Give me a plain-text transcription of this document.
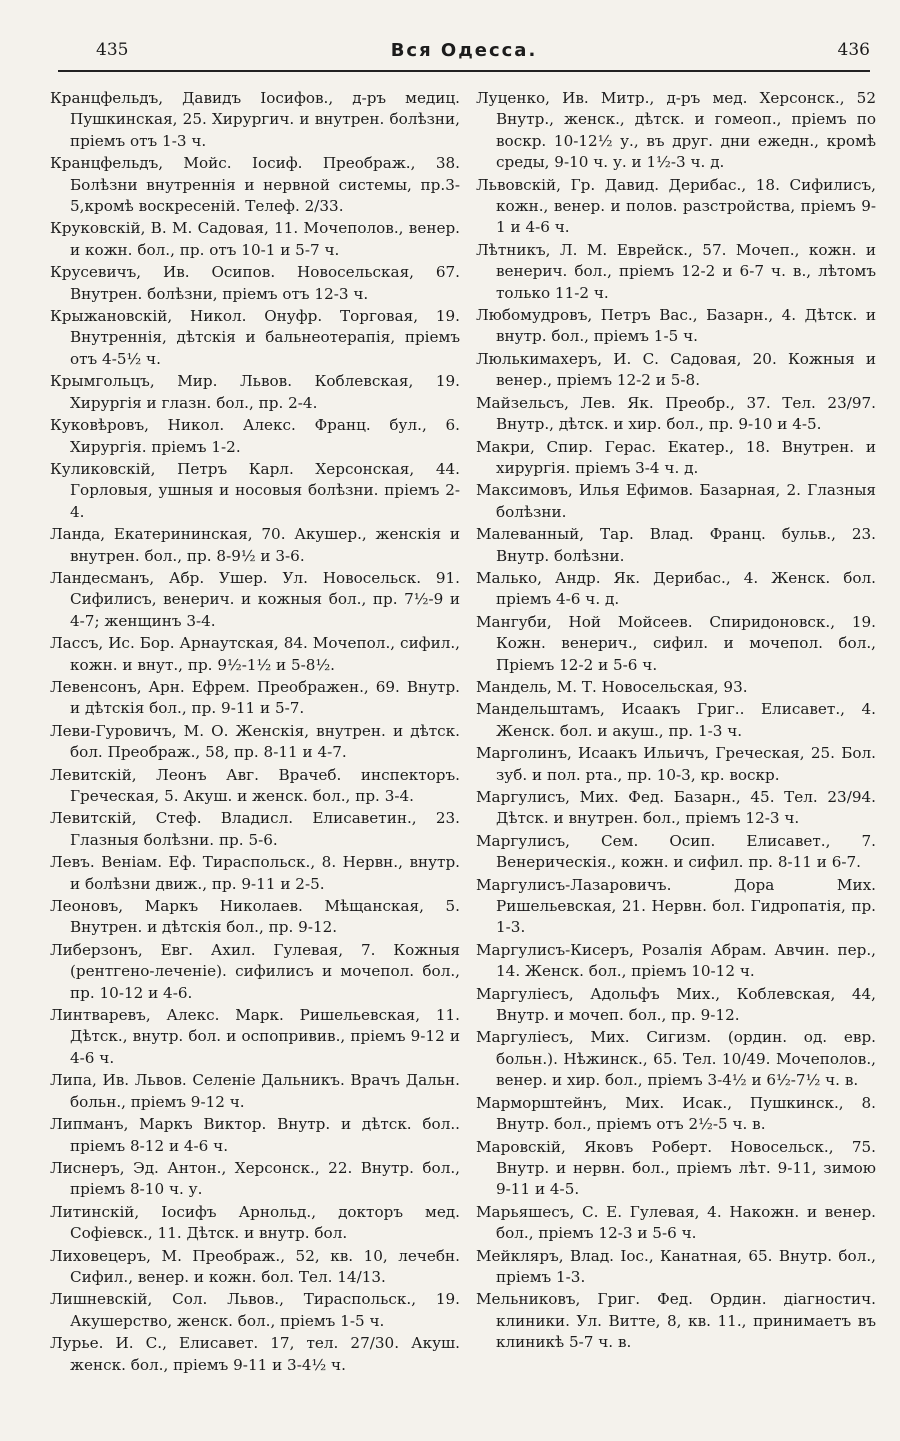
435	Вся Одесса.	436
Кранцфельдъ, Давидъ Іосифов., д-ръ медиц. Пушкинская, 25. Хирургич. и внутрен. болѣзни, пріемъ отъ 1-3 ч.
Кранцфельдъ, Мойс. Іосиф. Преображ., 38. Болѣзни внутреннія и нервной системы, пр.3-5,кромѣ воскресеній. Телеф. 2/33.
Круковскій, В. М. Садовая, 11. Мочеполов., венер. и кожн. бол., пр. отъ 10-1 и 5-7 ч.
Крусевичъ, Ив. Осипов. Новосельская, 67. Внутрен. болѣзни, пріемъ отъ 12-3 ч.
Крыжановскій, Никол. Онуфр. Торговая, 19. Внутреннія, дѣтскія и бальнеотерапія, пріемъ отъ 4-5½ ч.
Крымгольцъ, Мир. Львов. Коблевская, 19. Хирургія и глазн. бол., пр. 2-4.
Куковѣровъ, Никол. Алекс. Франц. бул., 6. Хирургія. пріемъ 1-2.
Куликовскій, Петръ Карл. Херсонская, 44. Горловыя, ушныя и носовыя болѣзни. пріемъ 2-4.
Ланда, Екатерининская, 70. Акушер., женскія и внутрен. бол., пр. 8-9½ и 3-6.
Ландесманъ, Абр. Ушер. Ул. Новосельск. 91. Сифилисъ, венерич. и кожныя бол., пр. 7½-9 и 4-7; женщинъ 3-4.
Лассъ, Ис. Бор. Арнаутская, 84. Мочепол., сифил., кожн. и внут., пр. 9½-1½ и 5-8½.
Левенсонъ, Арн. Ефрем. Преображен., 69. Внутр. и дѣтскія бол., пр. 9-11 и 5-7.
Леви-Гуровичъ, М. О. Женскія, внутрен. и дѣтск. бол. Преображ., 58, пр. 8-11 и 4-7.
Левитскій, Леонъ Авг. Врачеб. инспекторъ. Греческая, 5. Акуш. и женск. бол., пр. 3-4.
Левитскій, Стеф. Владисл. Елисаветин., 23. Глазныя болѣзни. пр. 5-6.
Левъ. Веніам. Еф. Тираспольск., 8. Нервн., внутр. и болѣзни движ., пр. 9-11 и 2-5.
Леоновъ, Маркъ Николаев. Мѣщанская, 5. Внутрен. и дѣтскія бол., пр. 9-12.
Либерзонъ, Евг. Ахил. Гулевая, 7. Кожныя (рентгено-леченіе). сифилисъ и мочепол. бол., пр. 10-12 и 4-6.
Линтваревъ, Алекс. Марк. Ришельевская, 11. Дѣтск., внутр. бол. и оспопривив., пріемъ 9-12 и 4-6 ч.
Липа, Ив. Львов. Селеніе Дальникъ. Врачъ Дальн. больн., пріемъ 9-12 ч.
Липманъ, Маркъ Виктор. Внутр. и дѣтск. бол.. пріемъ 8-12 и 4-6 ч.
Лиснеръ, Эд. Антон., Херсонск., 22. Внутр. бол., пріемъ 8-10 ч. у.
Литинскій, Іосифъ Арнольд., докторъ мед. Софіевск., 11. Дѣтск. и внутр. бол.
Лиховецеръ, М. Преображ., 52, кв. 10, лечебн. Сифил., венер. и кожн. бол. Тел. 14/13.
Лишневскій, Сол. Львов., Тираспольск., 19. Акушерство, женск. бол., пріемъ 1-5 ч.
Лурье. И. С., Елисавет. 17, тел. 27/30. Акуш. женск. бол., пріемъ 9-11 и 3-4½ ч.
Луценко, Ив. Митр., д-ръ мед. Херсонск., 52 Внутр., женск., дѣтск. и гомеоп., пріемъ по воскр. 10-12½ у., въ друг. дни ежедн., кромѣ среды, 9-10 ч. у. и 1½-3 ч. д.
Львовскій, Гр. Давид. Дерибас., 18. Сифилисъ, кожн., венер. и полов. разстройства, пріемъ 9-1 и 4-6 ч.
Лѣтникъ, Л. М. Еврейск., 57. Мочеп., кожн. и венерич. бол., пріемъ 12-2 и 6-7 ч. в., лѣтомъ только 11-2 ч.
Любомудровъ, Петръ Вас., Базарн., 4. Дѣтск. и внутр. бол., пріемъ 1-5 ч.
Люлькимахеръ, И. С. Садовая, 20. Кожныя и венер., пріемъ 12-2 и 5-8.
Майзельсъ, Лев. Як. Преобр., 37. Тел. 23/97. Внутр., дѣтск. и хир. бол., пр. 9-10 и 4-5.
Макри, Спир. Герас. Екатер., 18. Внутрен. и хирургія. пріемъ 3-4 ч. д.
Максимовъ, Илья Ефимов. Базарная, 2. Глазныя болѣзни.
Малеванный, Тар. Влад. Франц. бульв., 23. Внутр. болѣзни.
Малько, Андр. Як. Дерибас., 4. Женск. бол. пріемъ 4-6 ч. д.
Мангуби, Ной Мойсеев. Спиридоновск., 19. Кожн. венерич., сифил. и мочепол. бол., Пріемъ 12-2 и 5-6 ч.
Мандель, М. Т. Новосельская, 93.
Мандельштамъ, Исаакъ Григ.. Елисавет., 4. Женск. бол. и акуш., пр. 1-3 ч.
Марголинъ, Исаакъ Ильичъ, Греческая, 25. Бол. зуб. и пол. рта., пр. 10-3, кр. воскр.
Маргулисъ, Мих. Фед. Базарн., 45. Тел. 23/94. Дѣтск. и внутрен. бол., пріемъ 12-3 ч.
Маргулисъ, Сем. Осип. Елисавет., 7. Венерическія., кожн. и сифил. пр. 8-11 и 6-7.
Маргулисъ-Лазаровичъ. Дора Мих. Ришельевская, 21. Нервн. бол. Гидропатія, пр. 1-3.
Маргулисъ-Кисеръ, Розалія Абрам. Авчин. пер., 14. Женск. бол., пріемъ 10-12 ч.
Маргуліесъ, Адольфъ Мих., Коблевская, 44, Внутр. и мочеп. бол., пр. 9-12.
Маргуліесъ, Мих. Сигизм. (ордин. од. евр. больн.). Нѣжинск., 65. Тел. 10/49. Мочеполов., венер. и хир. бол., пріемъ 3-4½ и 6½-7½ ч. в.
Марморштейнъ, Мих. Исак., Пушкинск., 8. Внутр. бол., пріемъ отъ 2½-5 ч. в.
Маровскій, Яковъ Роберт. Новосельск., 75. Внутр. и нервн. бол., пріемъ лѣт. 9-11, зимою 9-11 и 4-5.
Марьяшесъ, С. Е. Гулевая, 4. Накожн. и венер. бол., пріемъ 12-3 и 5-6 ч.
Мейкляръ, Влад. Іос., Канатная, 65. Внутр. бол., пріемъ 1-3.
Мельниковъ, Григ. Фед. Ордин. діагностич. клиники. Ул. Витте, 8, кв. 11., принимаетъ въ клиникѣ 5-7 ч. в.
